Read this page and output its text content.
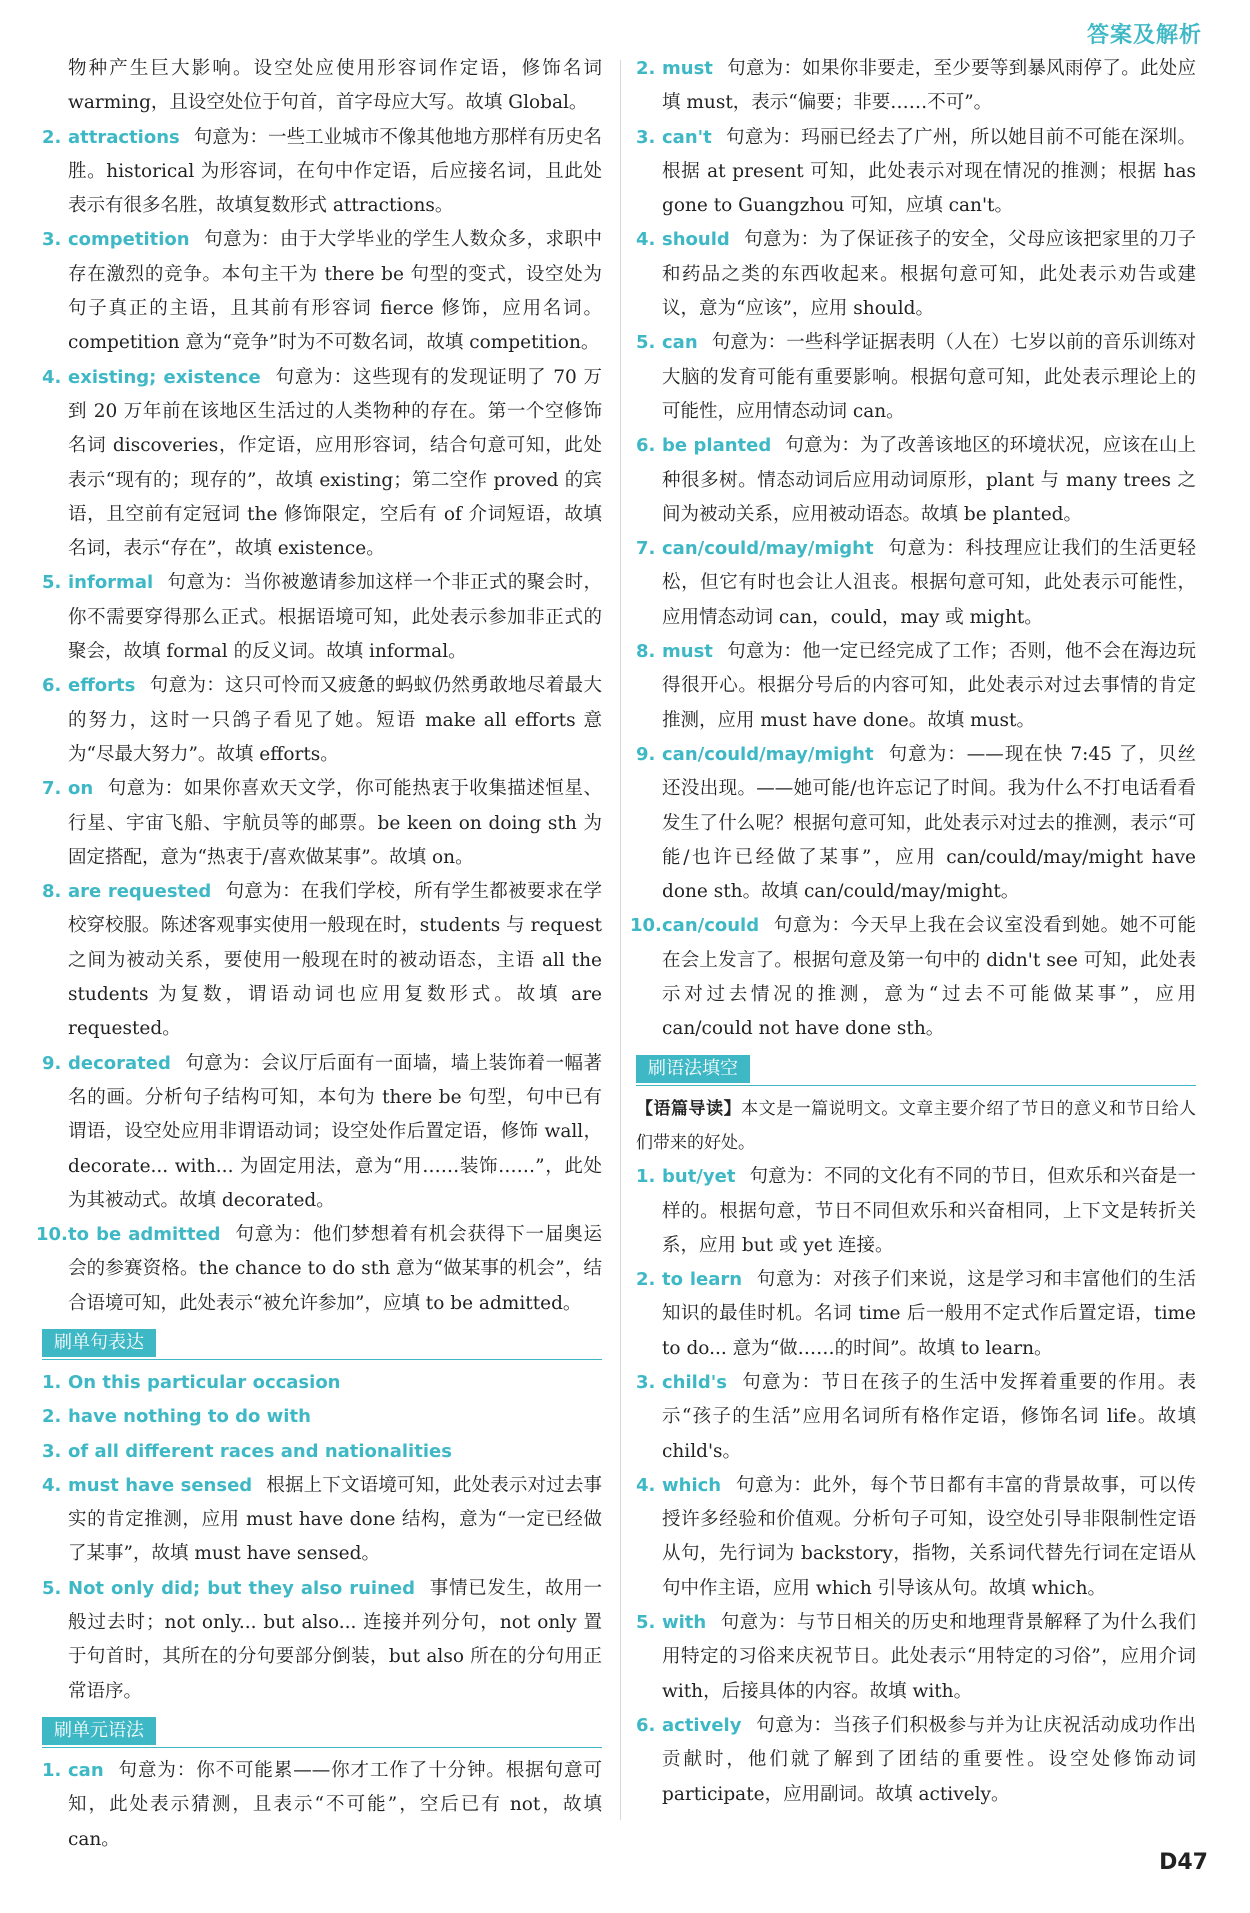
答案及解析
物种产生巨大影响。设空处应使用形容词作定语，修饰名词 warming，且设空处位于句首，首字母应大写。故填 Global。
2. attractions 句意为：一些工业城市不像其他地方那样有历史名胜。historical 为形容词，在句中作定语，后应接名词，且此处表示有很多名胜，故填复数形式 attractions。
3. competition 句意为：由于大学毕业的学生人数众多，求职中存在激烈的竞争。本句主干为 there be 句型的变式，设空处为句子真正的主语，且其前有形容词 fierce 修饰，应用名词。competition 意为“竞争”时为不可数名词，故填 competition。
4. existing; existence 句意为：这些现有的发现证明了 70 万到 20 万年前在该地区生活过的人类物种的存在。第一个空修饰名词 discoveries，作定语，应用形容词，结合句意可知，此处表示“现有的；现存的”，故填 existing；第二空作 proved 的宾语，且空前有定冠词 the 修饰限定，空后有 of 介词短语，故填名词，表示“存在”，故填 existence。
5. informal 句意为：当你被邀请参加这样一个非正式的聚会时，你不需要穿得那么正式。根据语境可知，此处表示参加非正式的聚会，故填 formal 的反义词。故填 informal。
6. efforts 句意为：这只可怜而又疲惫的蚂蚁仍然勇敢地尽着最大的努力，这时一只鸽子看见了她。短语 make all efforts 意为“尽最大努力”。故填 efforts。
7. on 句意为：如果你喜欢天文学，你可能热衷于收集描述恒星、行星、宇宙飞船、宇航员等的邮票。be keen on doing sth 为固定搭配，意为“热衷于/喜欢做某事”。故填 on。
8. are requested 句意为：在我们学校，所有学生都被要求在学校穿校服。陈述客观事实使用一般现在时，students 与 request 之间为被动关系，要使用一般现在时的被动语态，主语 all the students 为复数，谓语动词也应用复数形式。故填 are requested。
9. decorated 句意为：会议厅后面有一面墙，墙上装饰着一幅著名的画。分析句子结构可知，本句为 there be 句型，句中已有谓语，设空处应用非谓语动词；设空处作后置定语，修饰 wall，decorate... with... 为固定用法，意为“用……装饰……”，此处为其被动式。故填 decorated。
10. to be admitted 句意为：他们梦想着有机会获得下一届奥运会的参赛资格。the chance to do sth 意为“做某事的机会”，结合语境可知，此处表示“被允许参加”，应填 to be admitted。
刷单句表达
1. On this particular occasion
2. have nothing to do with
3. of all different races and nationalities
4. must have sensed 根据上下文语境可知，此处表示对过去事实的肯定推测，应用 must have done 结构，意为“一定已经做了某事”，故填 must have sensed。
5. Not only did; but they also ruined 事情已发生，故用一般过去时；not only... but also... 连接并列分句，not only 置于句首时，其所在的分句要部分倒装，but also 所在的分句用正常语序。
刷单元语法
1. can 句意为：你不可能累——你才工作了十分钟。根据句意可知，此处表示猜测，且表示“不可能”，空后已有 not，故填 can。
2. must 句意为：如果你非要走，至少要等到暴风雨停了。此处应填 must，表示“偏要；非要……不可”。
3. can't 句意为：玛丽已经去了广州，所以她目前不可能在深圳。根据 at present 可知，此处表示对现在情况的推测；根据 has gone to Guangzhou 可知，应填 can't。
4. should 句意为：为了保证孩子的安全，父母应该把家里的刀子和药品之类的东西收起来。根据句意可知，此处表示劝告或建议，意为“应该”，应用 should。
5. can 句意为：一些科学证据表明（人在）七岁以前的音乐训练对大脑的发育可能有重要影响。根据句意可知，此处表示理论上的可能性，应用情态动词 can。
6. be planted 句意为：为了改善该地区的环境状况，应该在山上种很多树。情态动词后应用动词原形，plant 与 many trees 之间为被动关系，应用被动语态。故填 be planted。
7. can/could/may/might 句意为：科技理应让我们的生活更轻松，但它有时也会让人沮丧。根据句意可知，此处表示可能性，应用情态动词 can，could，may 或 might。
8. must 句意为：他一定已经完成了工作；否则，他不会在海边玩得很开心。根据分号后的内容可知，此处表示对过去事情的肯定推测，应用 must have done。故填 must。
9. can/could/may/might 句意为：——现在快 7:45 了，贝丝还没出现。——她可能/也许忘记了时间。我为什么不打电话看看发生了什么呢？根据句意可知，此处表示对过去的推测，表示“可能/也许已经做了某事”，应用 can/could/may/might have done sth。故填 can/could/may/might。
10. can/could 句意为：今天早上我在会议室没看到她。她不可能在会上发言了。根据句意及第一句中的 didn't see 可知，此处表示对过去情况的推测，意为“过去不可能做某事”，应用 can/could not have done sth。
刷语法填空
【语篇导读】本文是一篇说明文。文章主要介绍了节日的意义和节日给人们带来的好处。
1. but/yet 句意为：不同的文化有不同的节日，但欢乐和兴奋是一样的。根据句意，节日不同但欢乐和兴奋相同，上下文是转折关系，应用 but 或 yet 连接。
2. to learn 句意为：对孩子们来说，这是学习和丰富他们的生活知识的最佳时机。名词 time 后一般用不定式作后置定语，time to do... 意为“做……的时间”。故填 to learn。
3. child's 句意为：节日在孩子的生活中发挥着重要的作用。表示“孩子的生活”应用名词所有格作定语，修饰名词 life。故填 child's。
4. which 句意为：此外，每个节日都有丰富的背景故事，可以传授许多经验和价值观。分析句子可知，设空处引导非限制性定语从句，先行词为 backstory，指物，关系词代替先行词在定语从句中作主语，应用 which 引导该从句。故填 which。
5. with 句意为：与节日相关的历史和地理背景解释了为什么我们用特定的习俗来庆祝节日。此处表示“用特定的习俗”，应用介词 with，后接具体的内容。故填 with。
6. actively 句意为：当孩子们积极参与并为让庆祝活动成功作出贡献时，他们就了解到了团结的重要性。设空处修饰动词 participate，应用副词。故填 actively。
D47
